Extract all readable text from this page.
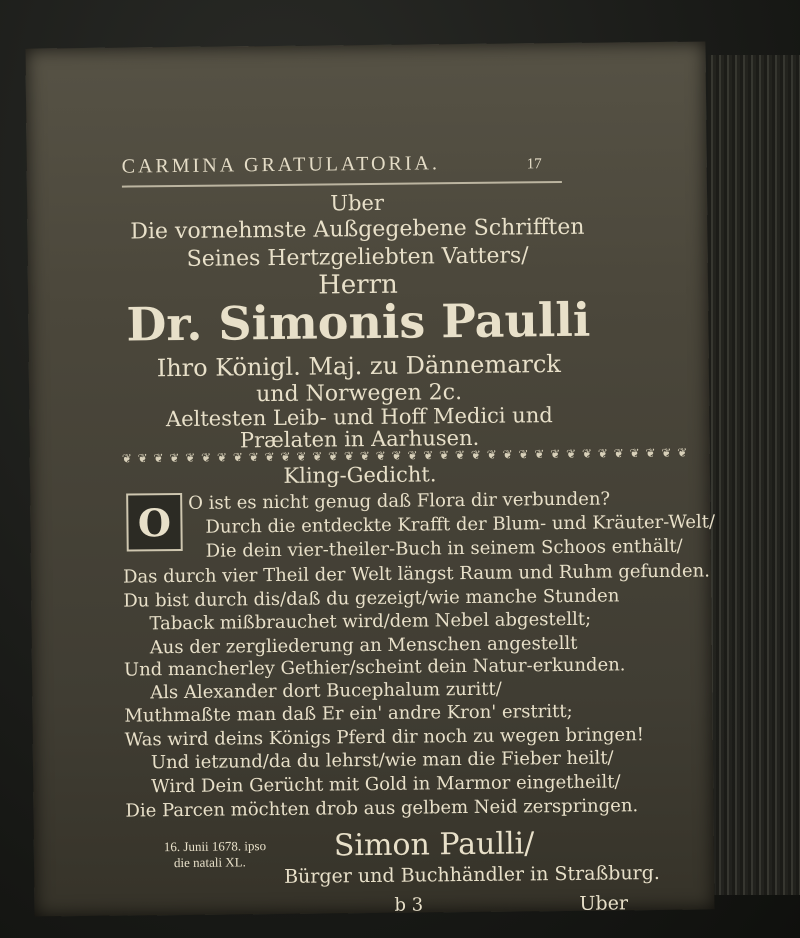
CARMINA GRATULATORIA.	17
Uber
Die vornehmste Außgegebene Schrifften
Seines Hertzgeliebten Vatters/
Herrn
Dr. Simonis Paulli
Ihro Königl. Maj. zu Dännemarck
und Norwegen 2c.
Aeltesten Leib- und Hoff Medici und
Prælaten in Aarhusen.
❦ ❦ ❦ ❦ ❦ ❦ ❦ ❦ ❦ ❦ ❦ ❦ ❦ ❦ ❦ ❦ ❦ ❦ ❦ ❦ ❦ ❦ ❦ ❦ ❦ ❦ ❦ ❦ ❦ ❦ ❦ ❦ ❦ ❦ ❦ ❦
Kling-Gedicht.
O O ist es nicht genug daß Flora dir verbunden?
Durch die entdeckte Krafft der Blum- und Kräuter-Welt/
Die dein vier-theiler-Buch in seinem Schoos enthält/
Das durch vier Theil der Welt längst Raum und Ruhm gefunden.
Du bist durch dis/daß du gezeigt/wie manche Stunden
Taback mißbrauchet wird/dem Nebel abgestellt;
Aus der zergliederung an Menschen angestellt
Und mancherley Gethier/scheint dein Natur-erkunden.
Als Alexander dort Bucephalum zuritt/
Muthmaßte man daß Er ein' andre Kron' erstritt;
Was wird deins Königs Pferd dir noch zu wegen bringen!
Und ietzund/da du lehrst/wie man die Fieber heilt/
Wird Dein Gerücht mit Gold in Marmor eingetheilt/
Die Parcen möchten drob aus gelbem Neid zerspringen.
16. Junii 1678. ipso
die natali XL.	Simon Paulli/
Bürger und Buchhändler in Straßburg.
b 3	Uber
